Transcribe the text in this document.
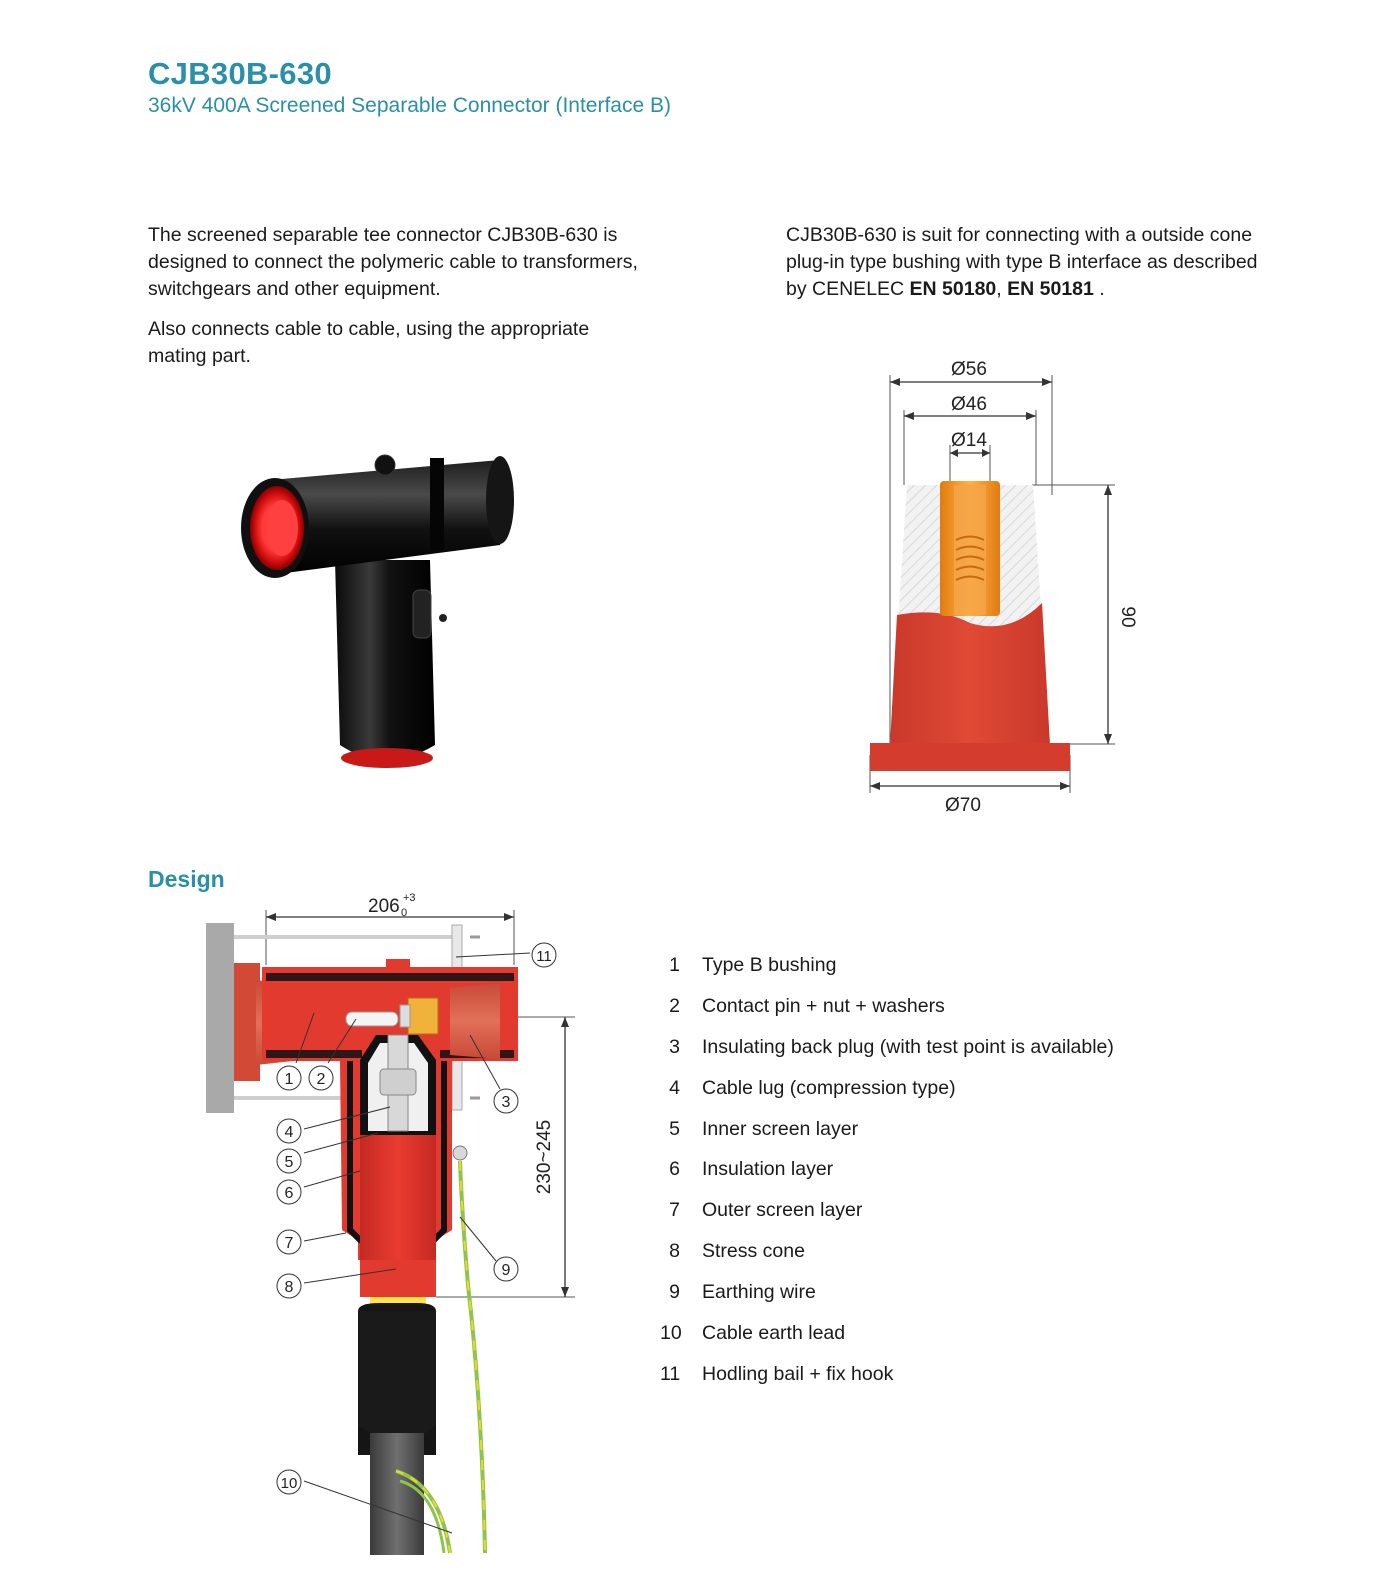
CJB30B-630
36kV 400A Screened Separable Connector (Interface B)
The screened separable tee connector CJB30B-630 is designed to connect the polymeric cable to transformers, switchgears and other equipment.
Also connects cable to cable, using the appropriate mating part.
CJB30B-630 is suit for connecting with a outside cone plug-in type bushing with type B interface as described by CENELEC EN 50180, EN 50181 .
Ø56
Ø46
Ø14
Ø70
90
Design
206 +3
0
230~245
1 2
3
4
5
6
7
8
9
10
11	1 Type B bushing
2 Contact pin + nut + washers
3 Insulating back plug (with test point is available)
4 Cable lug (compression type)
5 Inner screen layer
6 Insulation layer
7 Outer screen layer
8 Stress cone
9 Earthing wire
10 Cable earth lead
11 Hodling bail + fix hook
